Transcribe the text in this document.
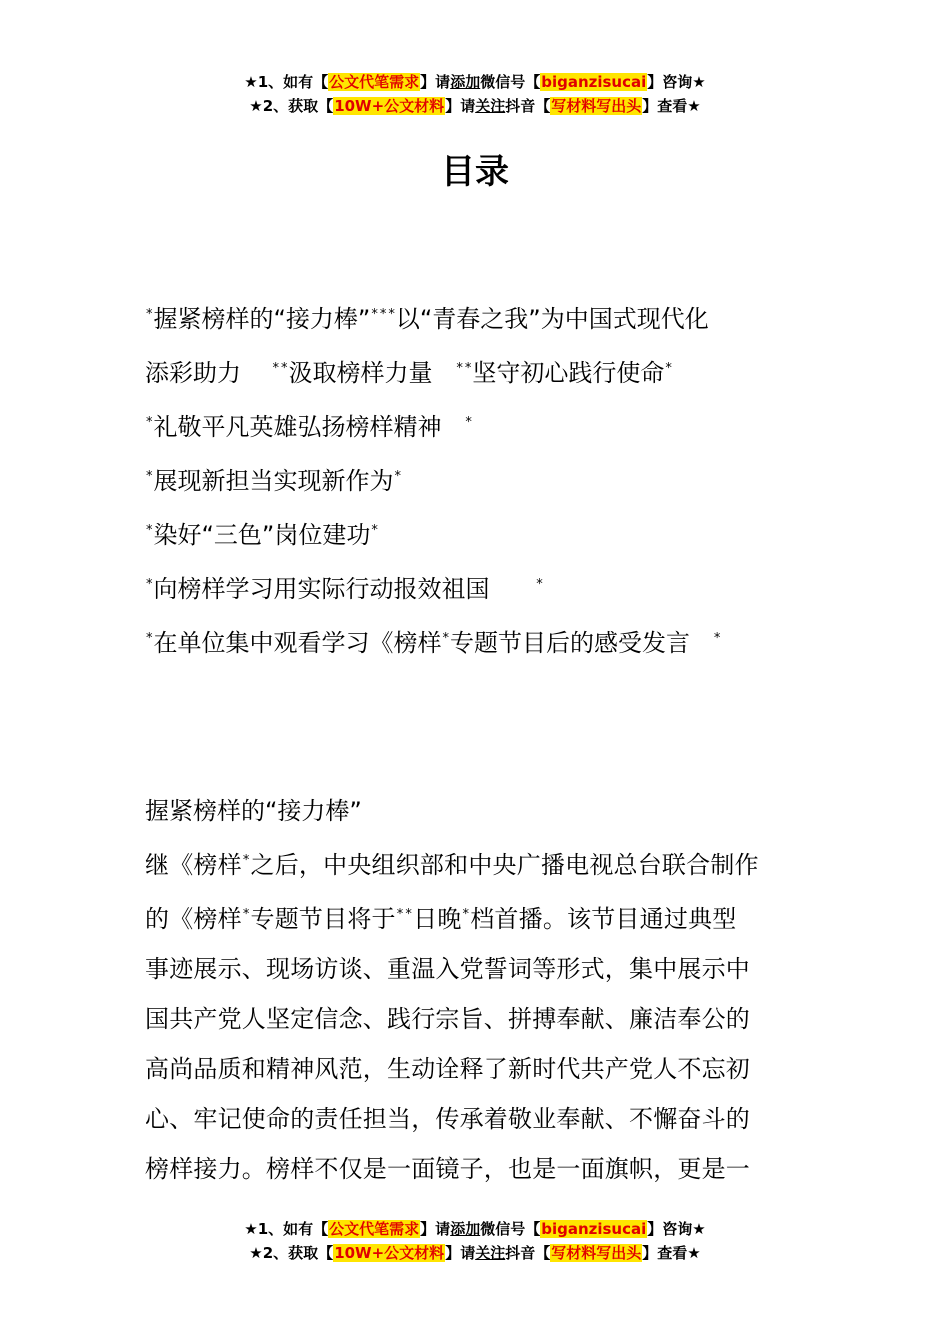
★1、如有【公文代笔需求】请添加微信号【biganzisucai】咨询★
★2、获取【10W+公文材料】请关注抖音【写材料写出头】查看★
目录
*握紧榜样的“接力棒”* * *以“青春之我”为中国式现代化
添彩助力 * *汲取榜样力量 * *坚守初心践行使命*
*礼敬平凡英雄弘扬榜样精神 *
*展现新担当实现新作为*
*染好“三色”岗位建功*
*向榜样学习用实际行动报效祖国	*
*在单位集中观看学习《榜样*专题节目后的感受发言 *
握紧榜样的“接力棒”
继《榜样*之后，中央组织部和中央广播电视总台联合制作
的《榜样*专题节目将于* *日晚*档首播。该节目通过典型
事迹展示、现场访谈、重温入党誓词等形式，集中展示中
国共产党人坚定信念、践行宗旨、拼搏奉献、廉洁奉公的
高尚品质和精神风范，生动诠释了新时代共产党人不忘初
心、牢记使命的责任担当，传承着敬业奉献、不懈奋斗的
榜样接力。榜样不仅是一面镜子，也是一面旗帜，更是一
★1、如有【公文代笔需求】请添加微信号【biganzisucai】咨询★
★2、获取【10W+公文材料】请关注抖音【写材料写出头】查看★
